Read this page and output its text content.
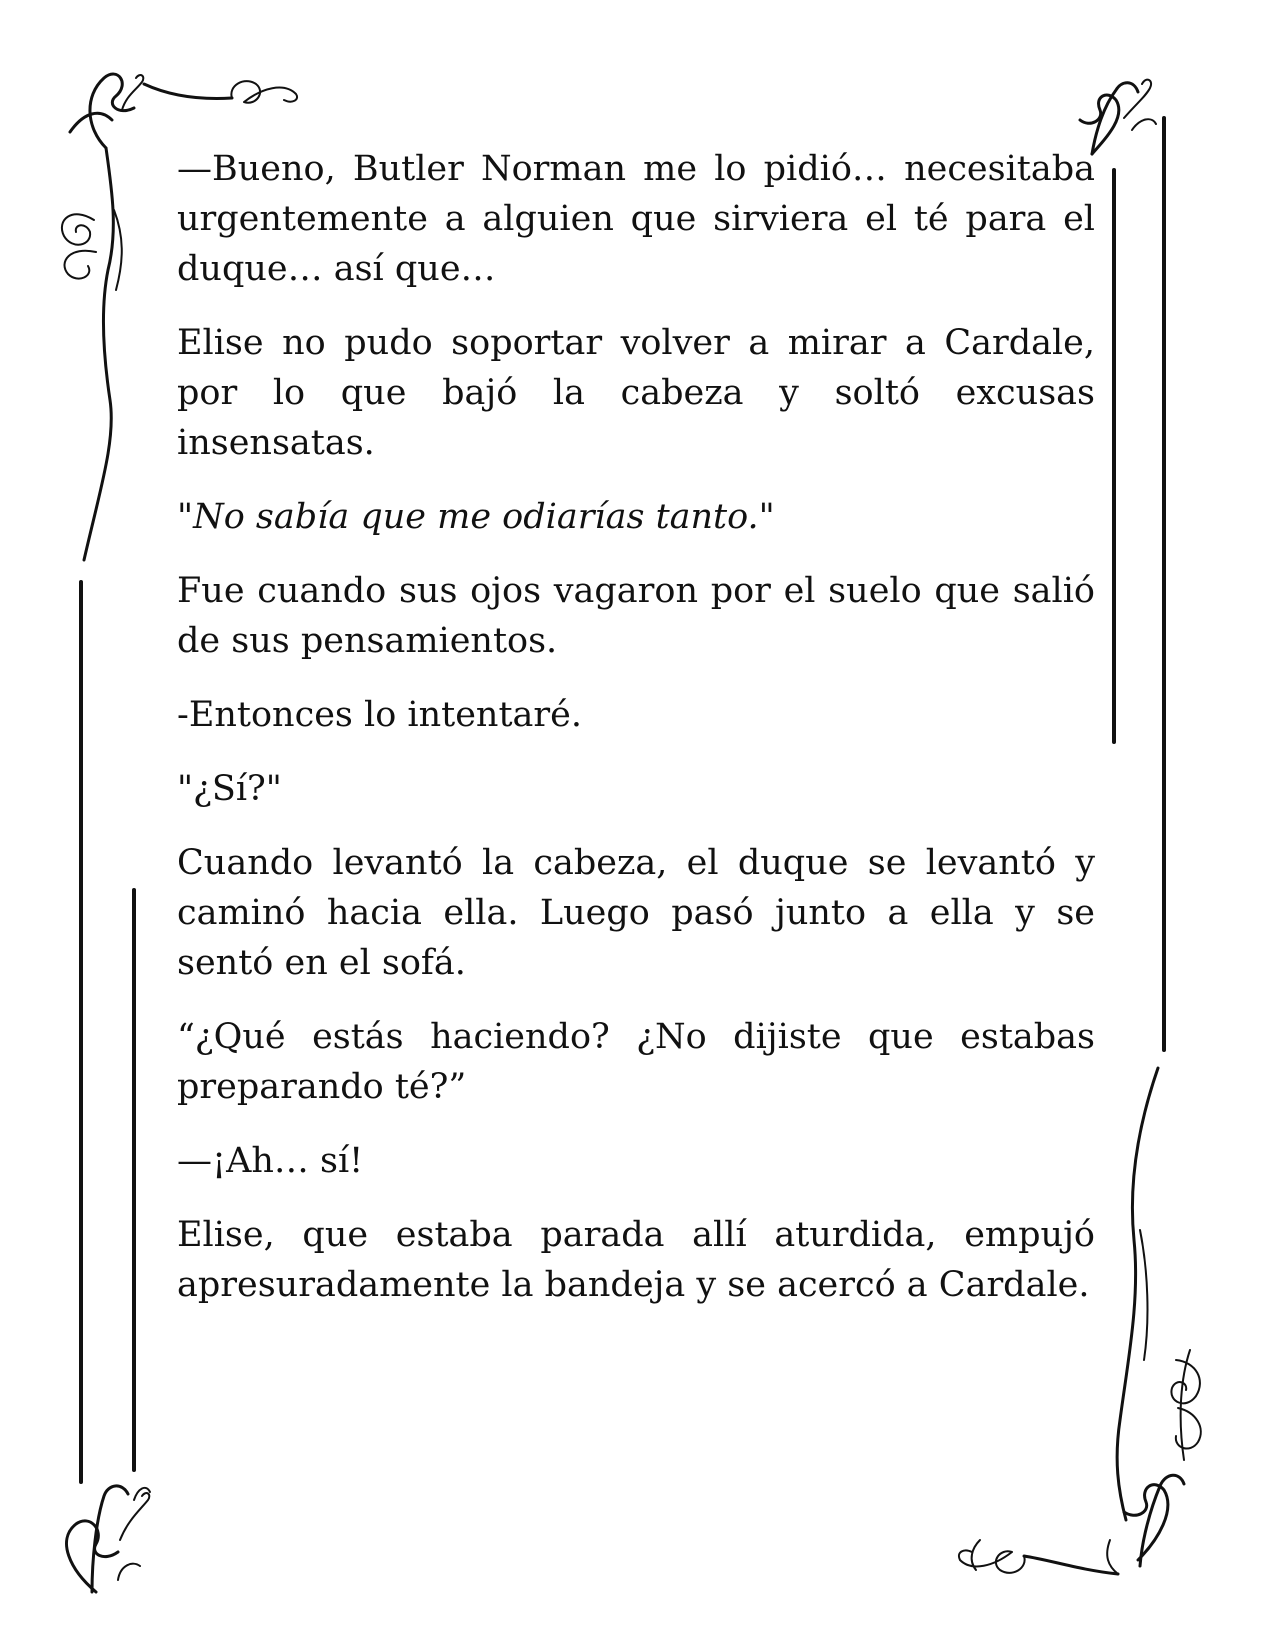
—Bueno, Butler Norman me lo pidió… necesitaba urgentemente a alguien que sirviera el té para el duque… así que…

Elise no pudo soportar volver a mirar a Cardale, por lo que bajó la cabeza y soltó excusas insensatas.

"No sabía que me odiarías tanto."

Fue cuando sus ojos vagaron por el suelo que salió de sus pensamientos.

-Entonces lo intentaré.

"¿Sí?"

Cuando levantó la cabeza, el duque se levantó y caminó hacia ella. Luego pasó junto a ella y se sentó en el sofá.

“¿Qué estás haciendo? ¿No dijiste que estabas preparando té?”

—¡Ah… sí!

Elise, que estaba parada allí aturdida, empujó apresuradamente la bandeja y se acercó a Cardale.
